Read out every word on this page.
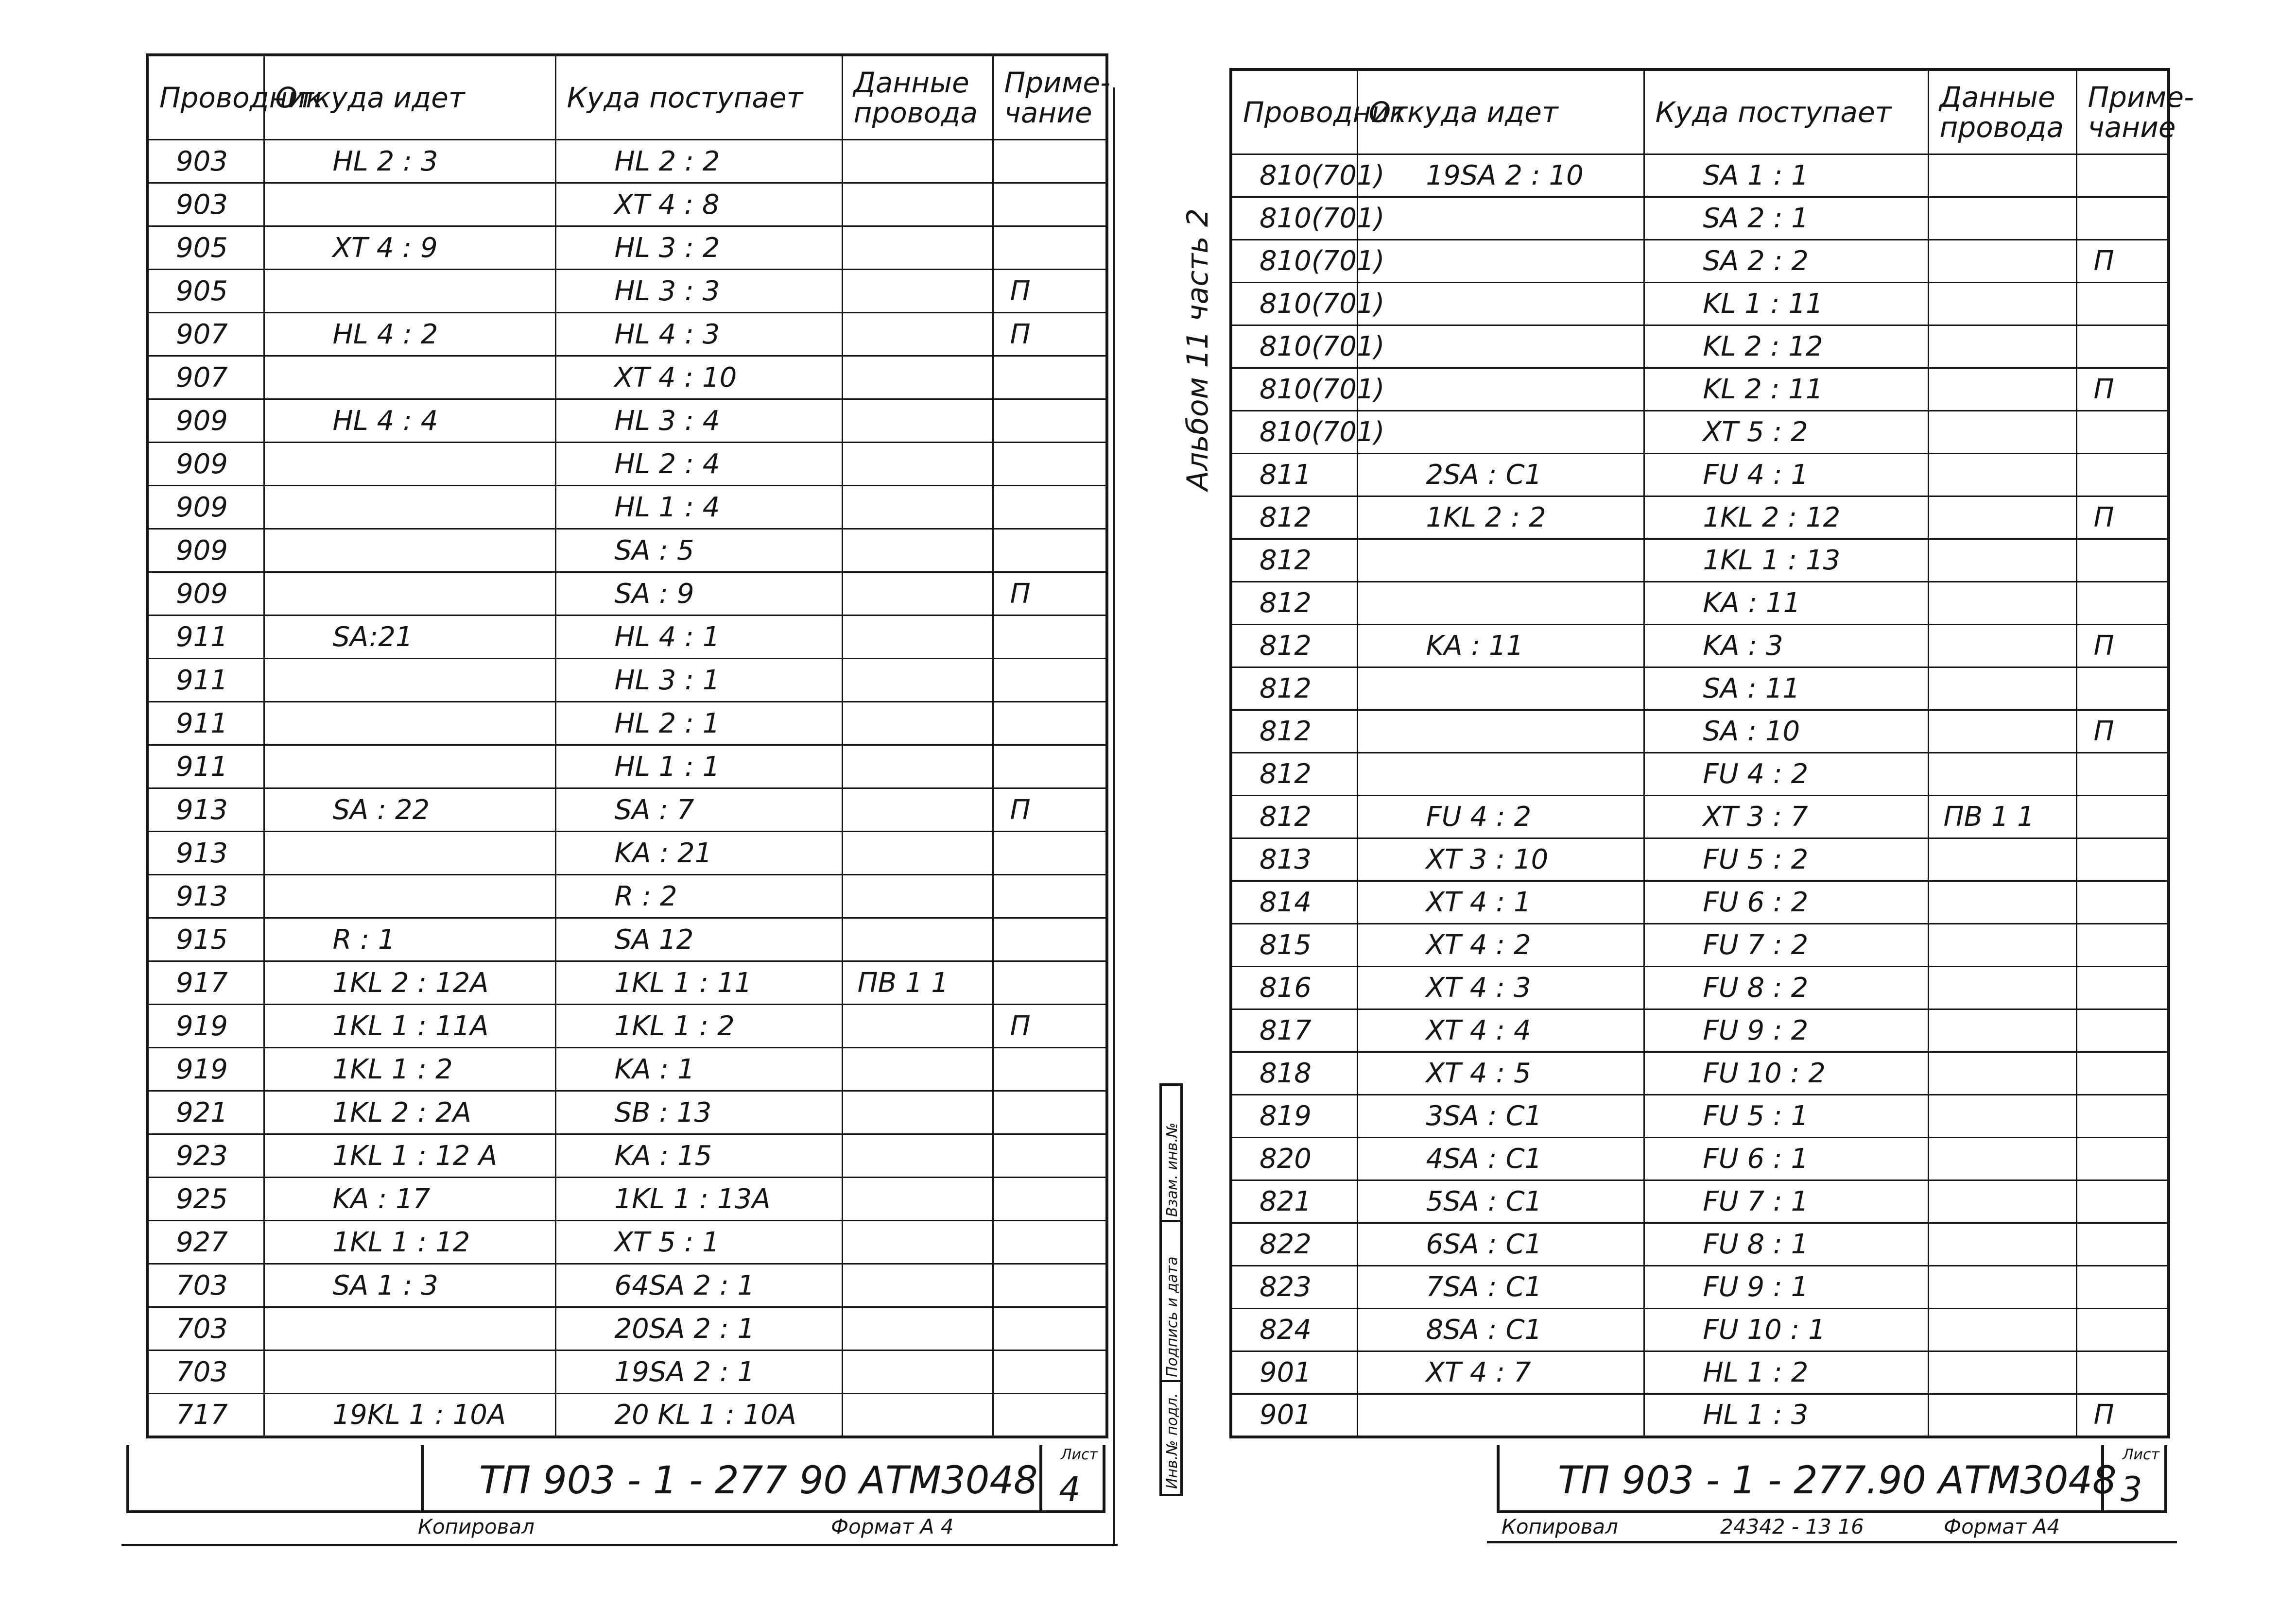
Проводник	Откуда идет	Куда поступает	Данные провода	Приме-чание
903	HL 2 : 3	HL 2 : 2		
903		XT 4 : 8		
905	XT 4 : 9	HL 3 : 2		
905		HL 3 : 3		П
907	HL 4 : 2	HL 4 : 3		П
907		XT 4 : 10		
909	HL 4 : 4	HL 3 : 4		
909		HL 2 : 4		
909		HL 1 : 4		
909		SA : 5		
909		SA : 9		П
911	SA:21	HL 4 : 1		
911		HL 3 : 1		
911		HL 2 : 1		
911		HL 1 : 1		
913	SA : 22	SA : 7		П
913		KA : 21		
913		R : 2		
915	R : 1	SA 12		
917	1KL 2 : 12A	1KL 1 : 11	ПВ 1 1	
919	1KL 1 : 11A	1KL 1 : 2		П
919	1KL 1 : 2	KA : 1		
921	1KL 2 : 2A	SB : 13		
923	1KL 1 : 12 A	KA : 15		
925	KA : 17	1KL 1 : 13A		
927	1KL 1 : 12	XT 5 : 1		
703	SA 1 : 3	64SA 2 : 1		
703		20SA 2 : 1		
703		19SA 2 : 1		
717	19KL 1 : 10A	20 KL 1 : 10A		
ТП 903 - 1 - 277 90 АТМ3048
Лист
4
Копировал	Формат А 4
Альбом 11 часть 2
Взам. инв.№
Подпись и дата
Инв.№ подл.
Проводник	Откуда идет	Куда поступает	Данные провода	Приме-чание
810(701)	19SA 2 : 10	SA 1 : 1		
810(701)		SA 2 : 1		
810(701)		SA 2 : 2		П
810(701)		KL 1 : 11		
810(701)		KL 2 : 12		
810(701)		KL 2 : 11		П
810(701)		XT 5 : 2		
811	2SA : C1	FU 4 : 1		
812	1KL 2 : 2	1KL 2 : 12		П
812		1KL 1 : 13		
812		KA : 11		
812	KA : 11	KA : 3		П
812		SA : 11		
812		SA : 10		П
812		FU 4 : 2		
812	FU 4 : 2	XT 3 : 7	ПВ 1 1	
813	XT 3 : 10	FU 5 : 2		
814	XT 4 : 1	FU 6 : 2		
815	XT 4 : 2	FU 7 : 2		
816	XT 4 : 3	FU 8 : 2		
817	XT 4 : 4	FU 9 : 2		
818	XT 4 : 5	FU 10 : 2		
819	3SA : C1	FU 5 : 1		
820	4SA : C1	FU 6 : 1		
821	5SA : C1	FU 7 : 1		
822	6SA : C1	FU 8 : 1		
823	7SA : C1	FU 9 : 1		
824	8SA : C1	FU 10 : 1		
901	XT 4 : 7	HL 1 : 2		
901		HL 1 : 3		П
ТП 903 - 1 - 277.90 АТМ3048
Лист
3
Копировал	24342 - 13 16	Формат А4
